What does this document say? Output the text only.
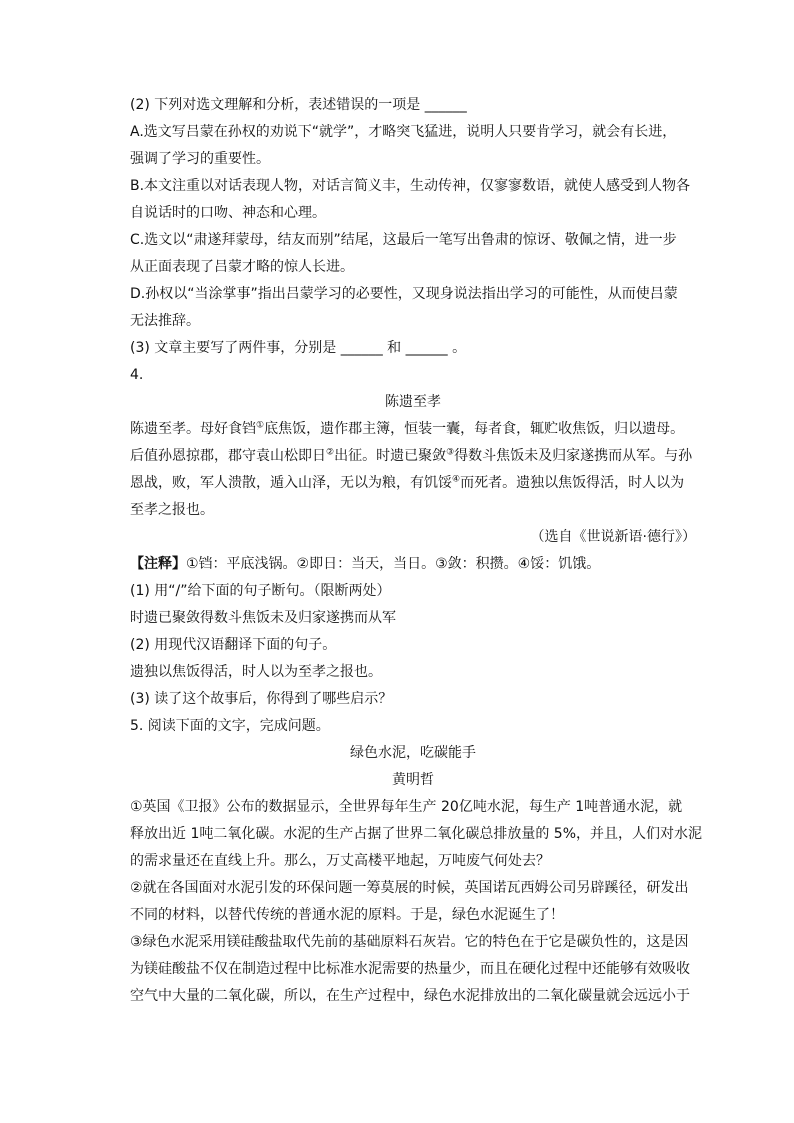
(2) 下列对选文理解和分析，表述错误的一项是 ______
A.选文写吕蒙在孙权的劝说下“就学”，才略突飞猛进，说明人只要肯学习，就会有长进，
强调了学习的重要性。
B.本文注重以对话表现人物，对话言简义丰，生动传神，仅寥寥数语，就使人感受到人物各
自说话时的口吻、神态和心理。
C.选文以“肃遂拜蒙母，结友而别”结尾，这最后一笔写出鲁肃的惊讶、敬佩之情，进一步
从正面表现了吕蒙才略的惊人长进。
D.孙权以“当涂掌事”指出吕蒙学习的必要性，又现身说法指出学习的可能性，从而使吕蒙
无法推辞。
(3) 文章主要写了两件事，分别是 ______ 和 ______ 。
4.
陈遗至孝
陈遗至孝。母好食铛①底焦饭，遗作郡主簿，恒装一囊，每者食，辄贮收焦饭，归以遗母。
后值孙恩掠郡，郡守袁山松即日②出征。时遗已聚敛③得数斗焦饭未及归家遂携而从军。与孙
恩战，败，军人溃散，遁入山泽，无以为粮，有饥馁④而死者。遗独以焦饭得活，时人以为
至孝之报也。
（选自《世说新语·德行》）
【注释】①铛：平底浅锅。②即日：当天，当日。③敛：积攒。④馁：饥饿。
(1) 用“/”给下面的句子断句。（限断两处）
时遗已聚敛得数斗焦饭未及归家遂携而从军
(2) 用现代汉语翻译下面的句子。
遗独以焦饭得活，时人以为至孝之报也。
(3) 读了这个故事后，你得到了哪些启示？
5. 阅读下面的文字，完成问题。
绿色水泥，吃碳能手
黄明哲
①英国《卫报》公布的数据显示，全世界每年生产 20亿吨水泥，每生产 1吨普通水泥，就
释放出近 1吨二氧化碳。水泥的生产占据了世界二氧化碳总排放量的 5%，并且，人们对水泥
的需求量还在直线上升。那么，万丈高楼平地起，万吨废气何处去？
②就在各国面对水泥引发的环保问题一筹莫展的时候，英国诺瓦西姆公司另辟蹊径，研发出
不同的材料，以替代传统的普通水泥的原料。于是，绿色水泥诞生了！
③绿色水泥采用镁硅酸盐取代先前的基础原料石灰岩。它的特色在于它是碳负性的，这是因
为镁硅酸盐不仅在制造过程中比标准水泥需要的热量少，而且在硬化过程中还能够有效吸收
空气中大量的二氧化碳，所以，在生产过程中，绿色水泥排放出的二氧化碳量就会远远小于
